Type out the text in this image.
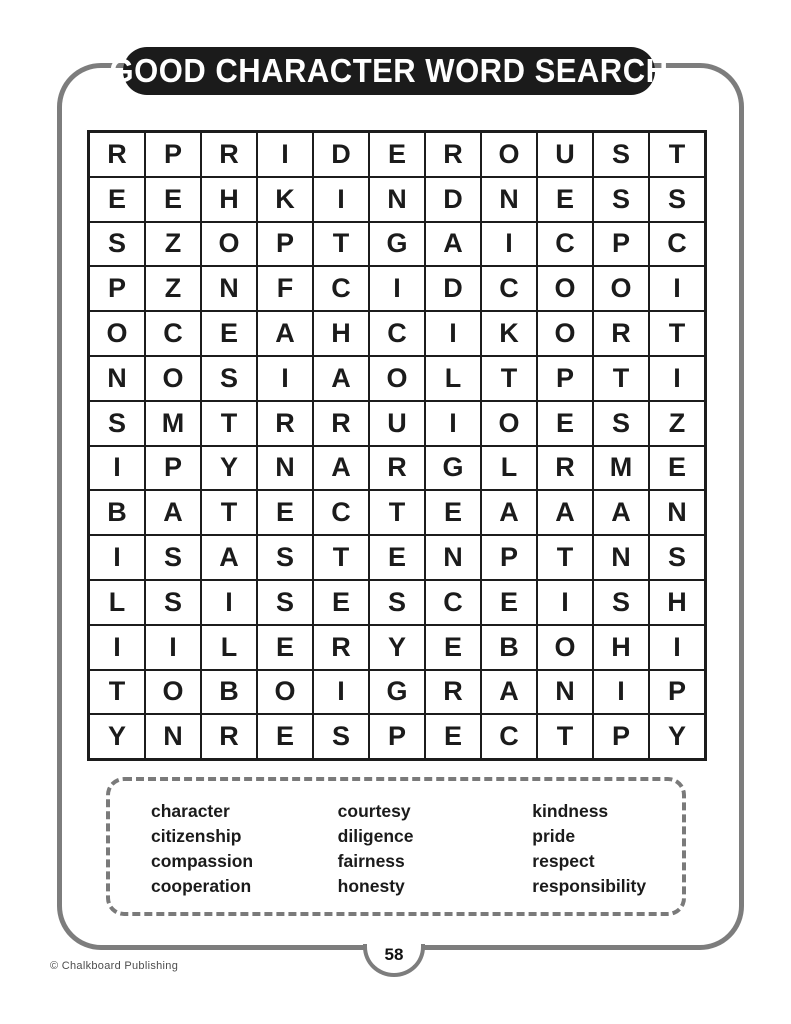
GOOD CHARACTER WORD SEARCH
R	P	R	I	D	E	R	O	U	S	T
E	E	H	K	I	N	D	N	E	S	S
S	Z	O	P	T	G	A	I	C	P	C
P	Z	N	F	C	I	D	C	O	O	I
O	C	E	A	H	C	I	K	O	R	T
N	O	S	I	A	O	L	T	P	T	I
S	M	T	R	R	U	I	O	E	S	Z
I	P	Y	N	A	R	G	L	R	M	E
B	A	T	E	C	T	E	A	A	A	N
I	S	A	S	T	E	N	P	T	N	S
L	S	I	S	E	S	C	E	I	S	H
I	I	L	E	R	Y	E	B	O	H	I
T	O	B	O	I	G	R	A	N	I	P
Y	N	R	E	S	P	E	C	T	P	Y
character
citizenship
compassion
cooperation
courtesy
diligence
fairness
honesty
kindness
pride
respect
responsibility
58
© Chalkboard Publishing
